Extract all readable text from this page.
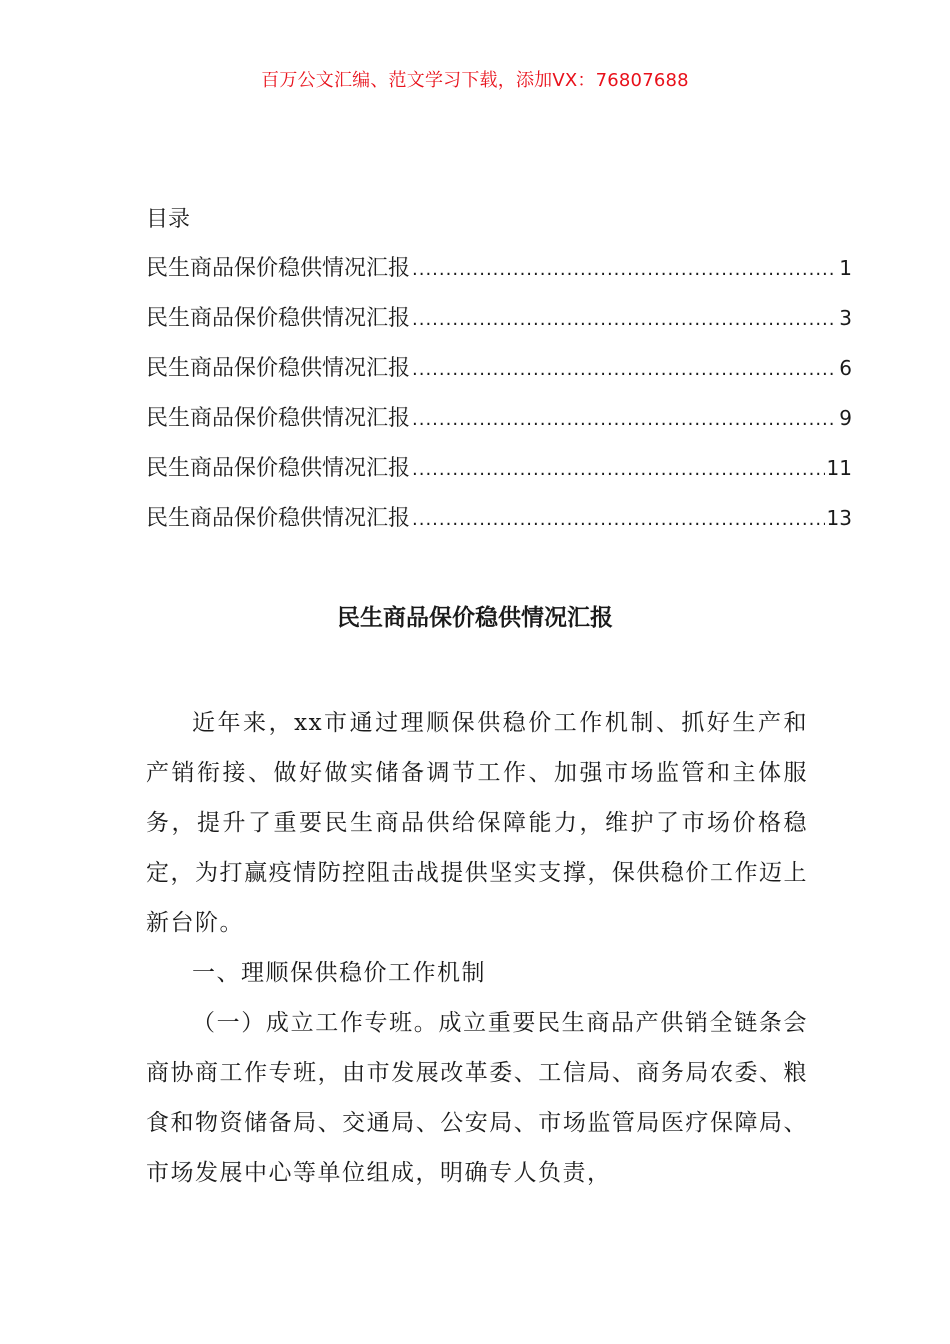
百万公文汇编、范文学习下载，添加VX：76807688
目录
民生商品保价稳供情况汇报 .....	1
民生商品保价稳供情况汇报 .....	3
民生商品保价稳供情况汇报 .....	6
民生商品保价稳供情况汇报 .....	9
民生商品保价稳供情况汇报 .....	11
民生商品保价稳供情况汇报 .....	13
民生商品保价稳供情况汇报

近年来，xx市通过理顺保供稳价工作机制、抓好生产和产销衔接、做好做实储备调节工作、加强市场监管和主体服务，提升了重要民生商品供给保障能力，维护了市场价格稳定，为打赢疫情防控阻击战提供坚实支撑，保供稳价工作迈上新台阶。

一、理顺保供稳价工作机制

（一）成立工作专班。成立重要民生商品产供销全链条会商协商工作专班，由市发展改革委、工信局、商务局农委、粮食和物资储备局、交通局、公安局、市场监管局医疗保障局、市场发展中心等单位组成，明确专人负责，
